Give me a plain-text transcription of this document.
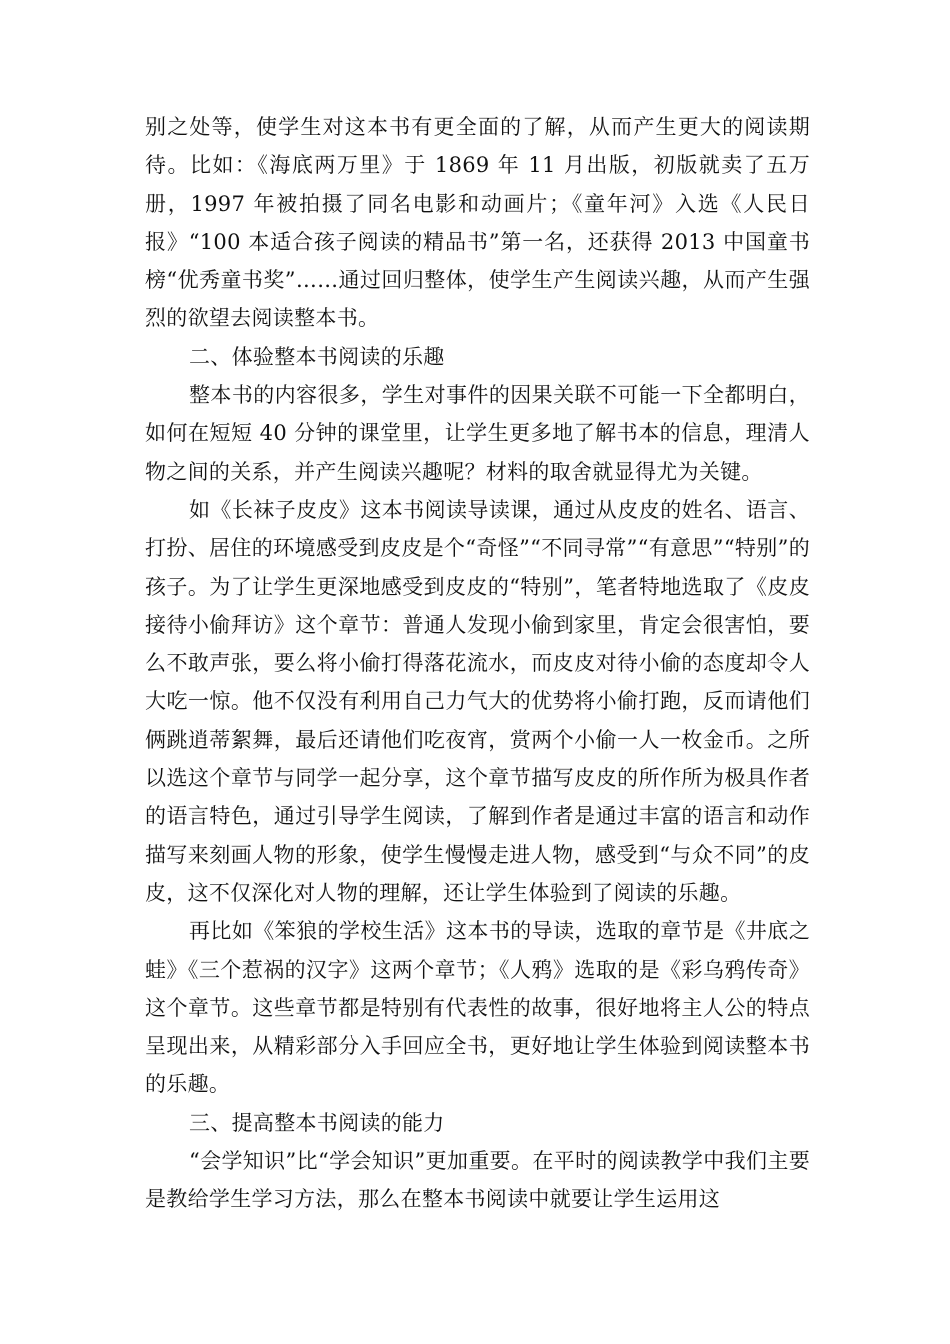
别之处等，使学生对这本书有更全面的了解，从而产生更大的阅读期待。比如：《海底两万里》于 1869 年 11 月出版，初版就卖了五万册，1997 年被拍摄了同名电影和动画片；《童年河》入选《人民日报》“100 本适合孩子阅读的精品书”第一名，还获得 2013 中国童书榜“优秀童书奖”……通过回归整体，使学生产生阅读兴趣，从而产生强烈的欲望去阅读整本书。

二、体验整本书阅读的乐趣

整本书的内容很多，学生对事件的因果关联不可能一下全都明白，如何在短短 40 分钟的课堂里，让学生更多地了解书本的信息，理清人物之间的关系，并产生阅读兴趣呢？材料的取舍就显得尤为关键。

如《长袜子皮皮》这本书阅读导读课，通过从皮皮的姓名、语言、打扮、居住的环境感受到皮皮是个“奇怪”“不同寻常”“有意思”“特别”的孩子。为了让学生更深地感受到皮皮的“特别”，笔者特地选取了《皮皮接待小偷拜访》这个章节：普通人发现小偷到家里，肯定会很害怕，要么不敢声张，要么将小偷打得落花流水，而皮皮对待小偷的态度却令人大吃一惊。他不仅没有利用自己力气大的优势将小偷打跑，反而请他们俩跳逍蒂絮舞，最后还请他们吃夜宵，赏两个小偷一人一枚金币。之所以选这个章节与同学一起分享，这个章节描写皮皮的所作所为极具作者的语言特色，通过引导学生阅读，了解到作者是通过丰富的语言和动作描写来刻画人物的形象，使学生慢慢走进人物，感受到“与众不同”的皮皮，这不仅深化对人物的理解，还让学生体验到了阅读的乐趣。

再比如《笨狼的学校生活》这本书的导读，选取的章节是《井底之蛙》《三个惹祸的汉字》这两个章节；《人鸦》选取的是《彩乌鸦传奇》这个章节。这些章节都是特别有代表性的故事，很好地将主人公的特点呈现出来，从精彩部分入手回应全书，更好地让学生体验到阅读整本书的乐趣。

三、提高整本书阅读的能力

“会学知识”比“学会知识”更加重要。在平时的阅读教学中我们主要是教给学生学习方法，那么在整本书阅读中就要让学生运用这
